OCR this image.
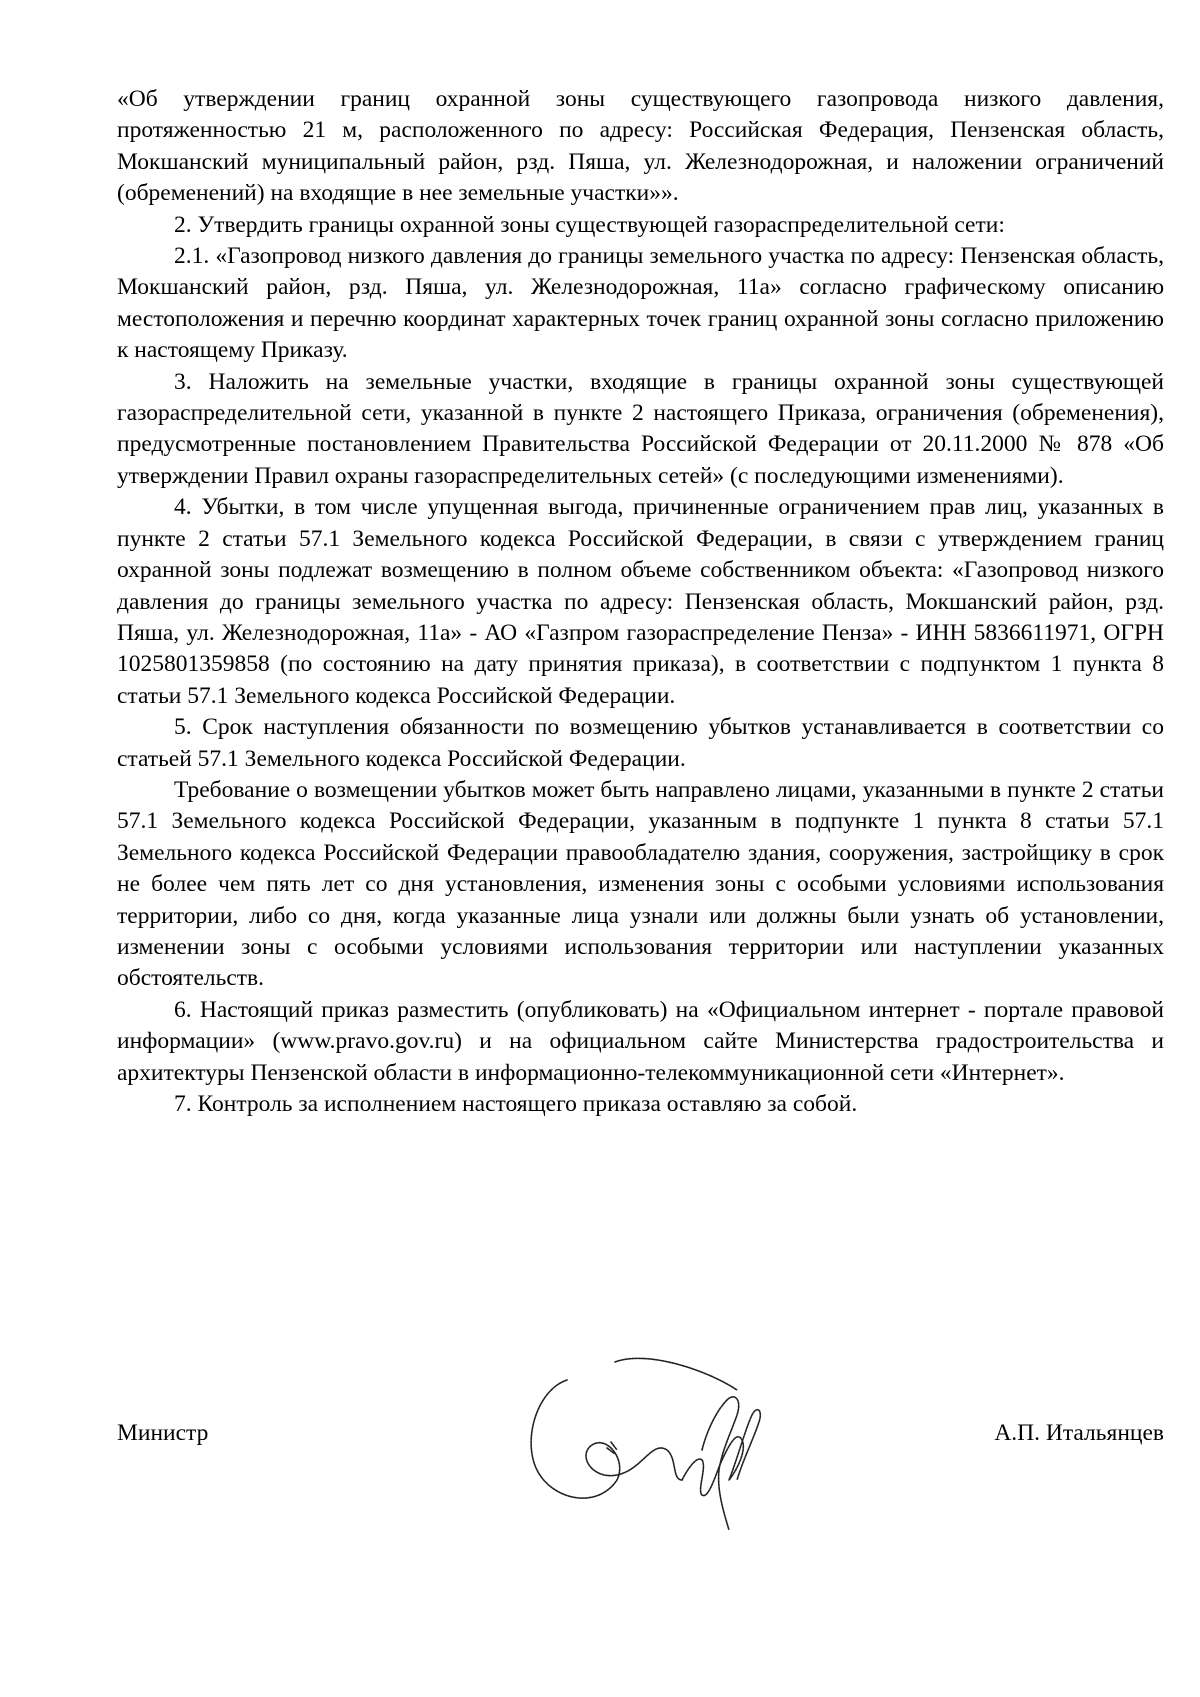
«Об утверждении границ охранной зоны существующего газопровода низкого давления, протяженностью 21 м, расположенного по адресу: Российская Федерация, Пензенская область, Мокшанский муниципальный район, рзд. Пяша, ул. Железнодорожная, и наложении ограничений (обременений) на входящие в нее земельные участки»».

2. Утвердить границы охранной зоны существующей газораспределительной сети:

2.1. «Газопровод низкого давления до границы земельного участка по адресу: Пензенская область, Мокшанский район, рзд. Пяша, ул. Железнодорожная, 11а» согласно графическому описанию местоположения и перечню координат характерных точек границ охранной зоны согласно приложению к настоящему Приказу.

3. Наложить на земельные участки, входящие в границы охранной зоны существующей газораспределительной сети, указанной в пункте 2 настоящего Приказа, ограничения (обременения), предусмотренные постановлением Правительства Российской Федерации от 20.11.2000 № 878 «Об утверждении Правил охраны газораспределительных сетей» (с последующими изменениями).

4. Убытки, в том числе упущенная выгода, причиненные ограничением прав лиц, указанных в пункте 2 статьи 57.1 Земельного кодекса Российской Федерации, в связи с утверждением границ охранной зоны подлежат возмещению в полном объеме собственником объекта: «Газопровод низкого давления до границы земельного участка по адресу: Пензенская область, Мокшанский район, рзд. Пяша, ул. Железнодорожная, 11а» - АО «Газпром газораспределение Пенза» - ИНН 5836611971, ОГРН 1025801359858 (по состоянию на дату принятия приказа), в соответствии с подпунктом 1 пункта 8 статьи 57.1 Земельного кодекса Российской Федерации.

5. Срок наступления обязанности по возмещению убытков устанавливается в соответствии со статьей 57.1 Земельного кодекса Российской Федерации.

Требование о возмещении убытков может быть направлено лицами, указанными в пункте 2 статьи 57.1 Земельного кодекса Российской Федерации, указанным в подпункте 1 пункта 8 статьи 57.1 Земельного кодекса Российской Федерации правообладателю здания, сооружения, застройщику в срок не более чем пять лет со дня установления, изменения зоны с особыми условиями использования территории, либо со дня, когда указанные лица узнали или должны были узнать об установлении, изменении зоны с особыми условиями использования территории или наступлении указанных обстоятельств.

6. Настоящий приказ разместить (опубликовать) на «Официальном интернет - портале правовой информации» (www.pravo.gov.ru) и на официальном сайте Министерства градостроительства и архитектуры Пензенской области в информационно-телекоммуникационной сети «Интернет».

7. Контроль за исполнением настоящего приказа оставляю за собой.

Министр	А.П. Итальянцев
